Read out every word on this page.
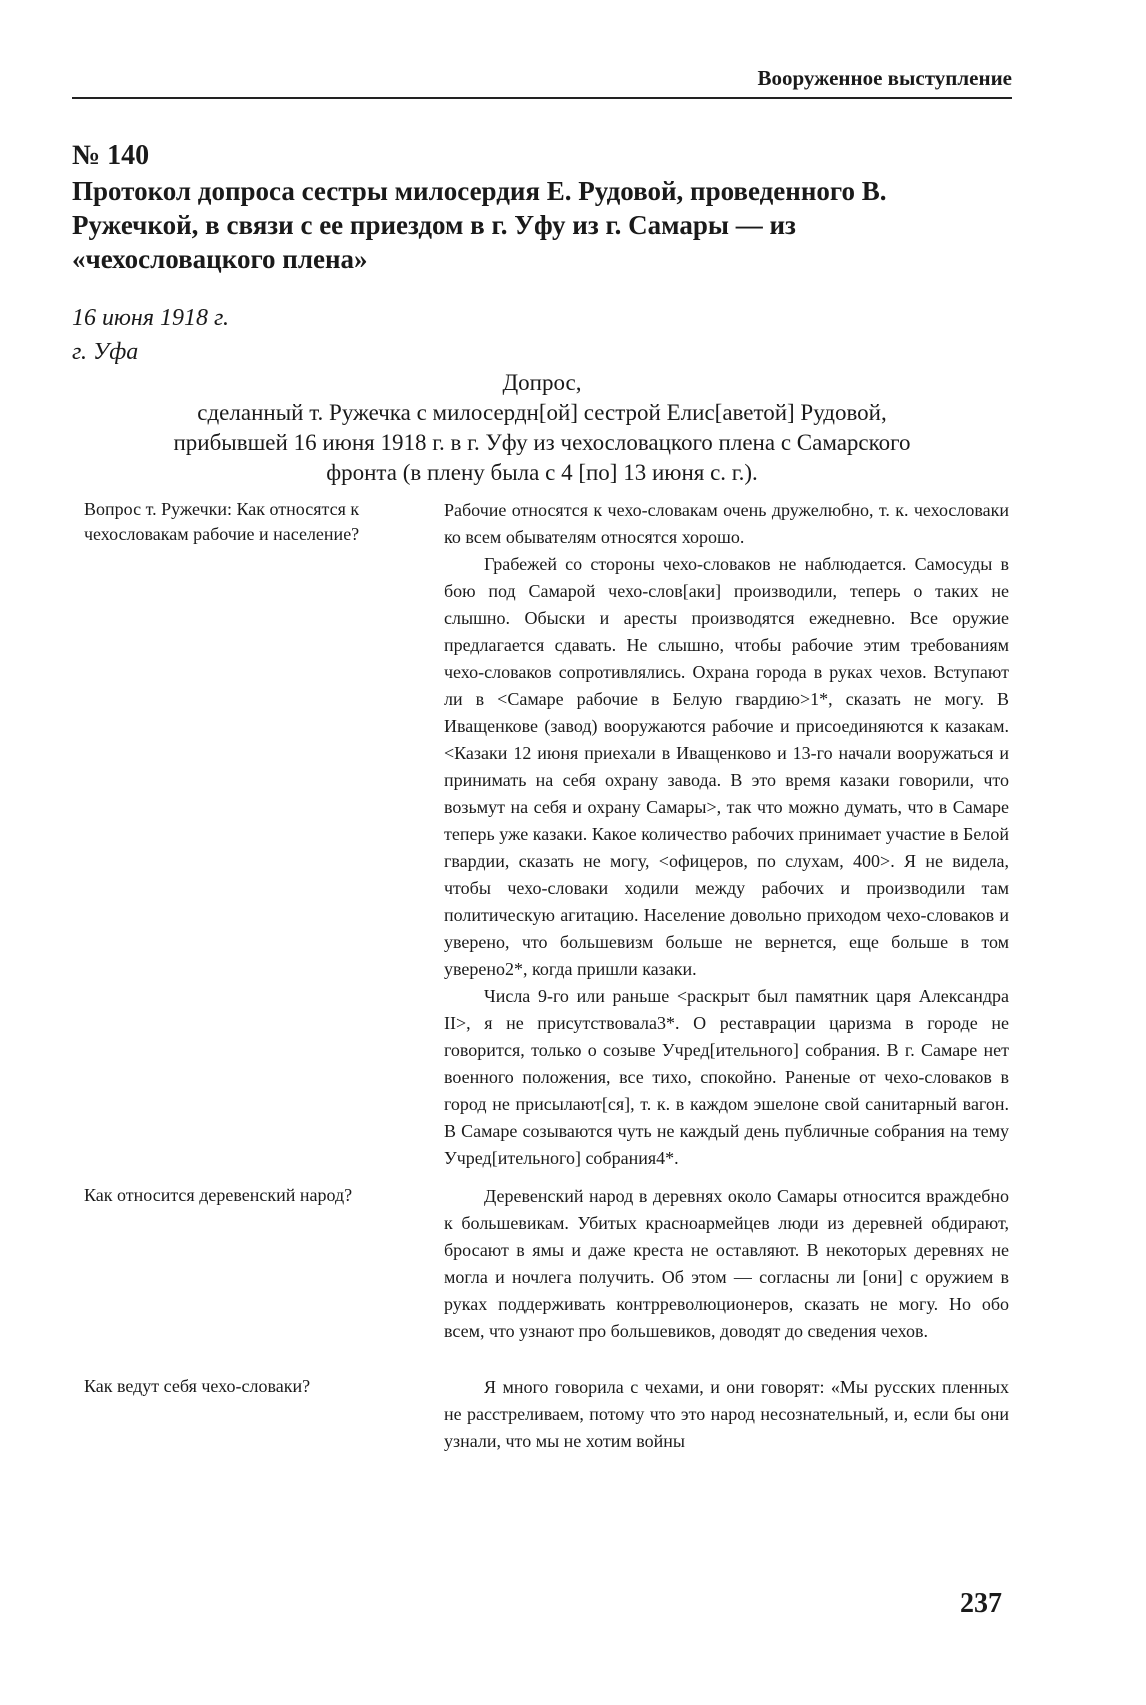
Вооруженное выступление
№ 140
Протокол допроса сестры милосердия Е. Рудовой, проведенного В. Ружечкой, в связи с ее приездом в г. Уфу из г. Самары — из «чехословацкого плена»
16 июня 1918 г.
г. Уфа
Допрос,
сделанный т. Ружечка с милосердн[ой] сестрой Елис[аветой] Рудовой,
прибывшей 16 июня 1918 г. в г. Уфу из чехословацкого плена с Самарского
фронта (в плену была с 4 [по] 13 июня с. г.).
Вопрос т. Ружечки: Как относятся к чехословакам рабочие и население?

Рабочие относятся к чехо-словакам очень дружелюбно, т. к. чехословаки ко всем обывателям относятся хорошо.

Грабежей со стороны чехо-словаков не наблюдается. Самосуды в бою под Самарой чехо-слов[аки] производили, теперь о таких не слышно. Обыски и аресты производятся ежедневно. Все оружие предлагается сдавать. Не слышно, чтобы рабочие этим требованиям чехо-словаков сопротивлялись. Охрана города в руках чехов. Вступают ли в <Самаре рабочие в Белую гвардию>1*, сказать не могу. В Иващенкове (завод) вооружаются рабочие и присоединяются к казакам. <Казаки 12 июня приехали в Иващенково и 13-го начали вооружаться и принимать на себя охрану завода. В это время казаки говорили, что возьмут на себя и охрану Самары>, так что можно думать, что в Самаре теперь уже казаки. Какое количество рабочих принимает участие в Белой гвардии, сказать не могу, <офицеров, по слухам, 400>. Я не видела, чтобы чехо-словаки ходили между рабочих и производили там политическую агитацию. Население довольно приходом чехо-словаков и уверено, что большевизм больше не вернется, еще больше в том уверено2*, когда пришли казаки.

Числа 9-го или раньше <раскрыт был памятник царя Александра II>, я не присутствовала3*. О реставрации царизма в городе не говорится, только о созыве Учред[ительного] собрания. В г. Самаре нет военного положения, все тихо, спокойно. Раненые от чехо-словаков в город не присылают[ся], т. к. в каждом эшелоне свой санитарный вагон. В Самаре созываются чуть не каждый день публичные собрания на тему Учред[ительного] собрания4*.

Как относится деревенский народ?	Деревенский народ в деревнях около Самары относится враждебно к большевикам. Убитых красноармейцев люди из деревней обдирают, бросают в ямы и даже креста не оставляют. В некоторых деревнях не могла и ночлега получить. Об этом — согласны ли [они] с оружием в руках поддерживать контрреволюционеров, сказать не могу. Но обо всем, что узнают про большевиков, доводят до сведения чехов.

Как ведут себя чехо-словаки?	Я много говорила с чехами, и они говорят: «Мы русских пленных не расстреливаем, потому что это народ несознательный, и, если бы они узнали, что мы не хотим войны

237
